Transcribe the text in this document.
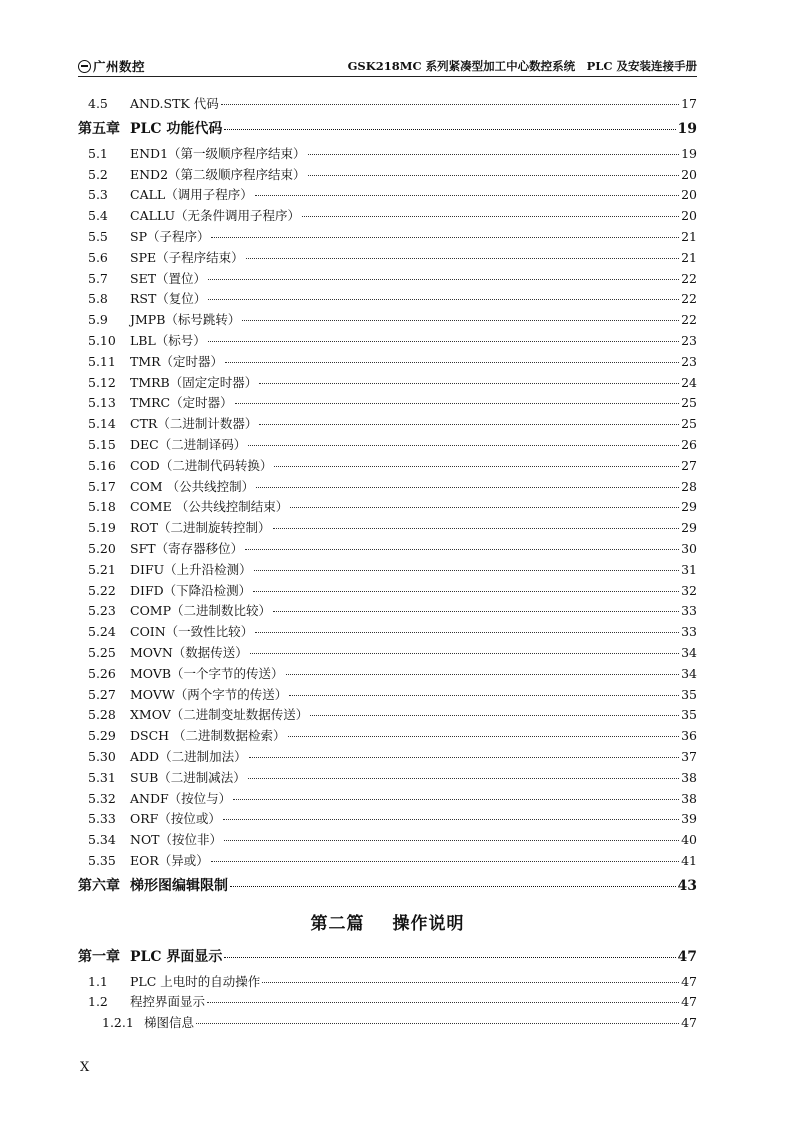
广州数控	GSK218MC 系列紧凑型加工中心数控系统　PLC 及安装连接手册
4.5	AND.STK 代码	17
第五章 PLC 功能代码	19
5.1	END1（第一级顺序程序结束）	19
5.2	END2（第二级顺序程序结束）	20
5.3	CALL（调用子程序）	20
5.4	CALLU（无条件调用子程序）	20
5.5	SP（子程序）	21
5.6	SPE（子程序结束）	21
5.7	SET（置位）	22
5.8	RST（复位）	22
5.9	JMPB（标号跳转）	22
5.10	LBL（标号）	23
5.11	TMR（定时器）	23
5.12	TMRB（固定定时器）	24
5.13	TMRC（定时器）	25
5.14	CTR（二进制计数器）	25
5.15	DEC（二进制译码）	26
5.16	COD（二进制代码转换）	27
5.17	COM （公共线控制）	28
5.18	COME （公共线控制结束）	29
5.19	ROT（二进制旋转控制）	29
5.20	SFT（寄存器移位）	30
5.21	DIFU（上升沿检测）	31
5.22	DIFD（下降沿检测）	32
5.23	COMP（二进制数比较）	33
5.24	COIN（一致性比较）	33
5.25	MOVN（数据传送）	34
5.26	MOVB（一个字节的传送）	34
5.27	MOVW（两个字节的传送）	35
5.28	XMOV（二进制变址数据传送）	35
5.29	DSCH （二进制数据检索）	36
5.30	ADD（二进制加法）	37
5.31	SUB（二进制减法）	38
5.32	ANDF（按位与）	38
5.33	ORF（按位或）	39
5.34	NOT（按位非）	40
5.35	EOR（异或）	41
第六章 梯形图编辑限制	43
第二篇 操作说明
第一章 PLC 界面显示	47
1.1	PLC 上电时的自动操作	47
1.2	程控界面显示	47
1.2.1 梯图信息	47
X
